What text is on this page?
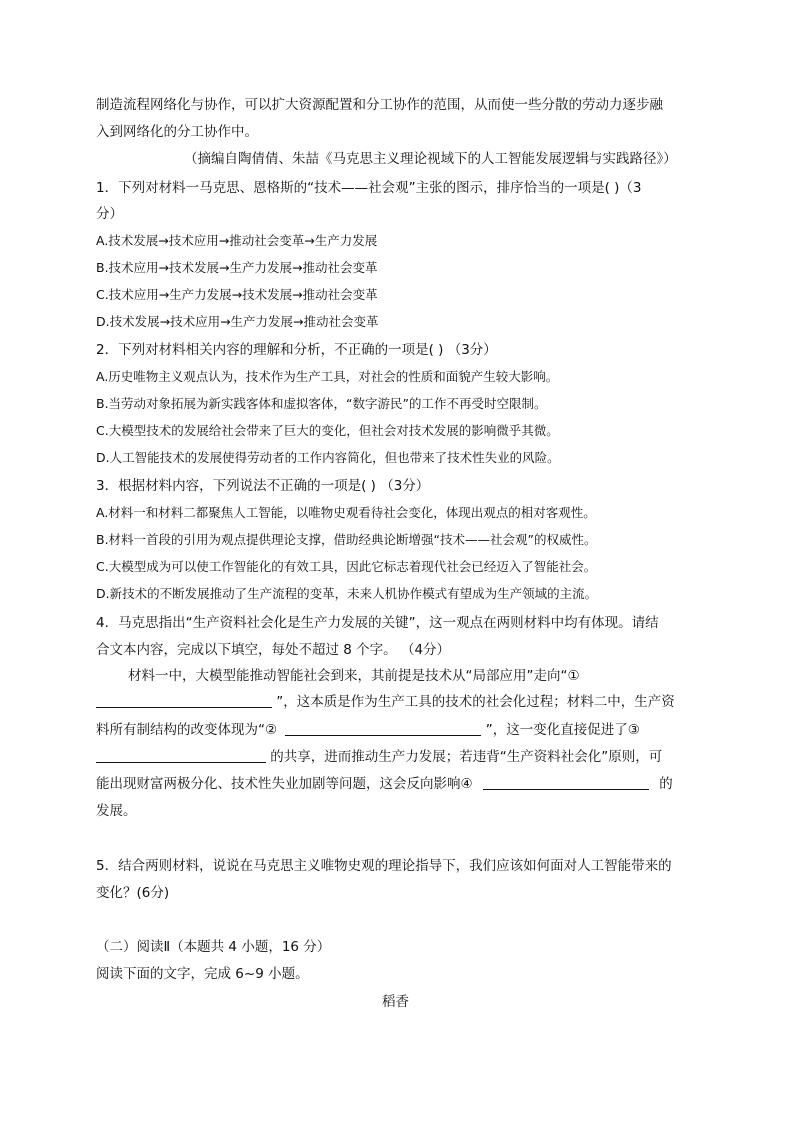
制造流程网络化与协作，可以扩大资源配置和分工协作的范围，从而使一些分散的劳动力逐步融
入到网络化的分工协作中。
（摘编自陶倩倩、朱喆《马克思主义理论视域下的人工智能发展逻辑与实践路径》）
1．下列对材料一马克思、恩格斯的“技术——社会观”主张的图示，排序恰当的一项是( )（3
分）
A.技术发展→技术应用→推动社会变革→生产力发展
B.技术应用→技术发展→生产力发展→推动社会变革
C.技术应用→生产力发展→技术发展→推动社会变革
D.技术发展→技术应用→生产力发展→推动社会变革
2．下列对材料相关内容的理解和分析，不正确的一项是( ) （3分）
A.历史唯物主义观点认为，技术作为生产工具，对社会的性质和面貌产生较大影响。
B.当劳动对象拓展为新实践客体和虚拟客体，“数字游民”的工作不再受时空限制。
C.大模型技术的发展给社会带来了巨大的变化，但社会对技术发展的影响微乎其微。
D.人工智能技术的发展使得劳动者的工作内容简化，但也带来了技术性失业的风险。
3．根据材料内容，下列说法不正确的一项是( ) （3分）
A.材料一和材料二都聚焦人工智能，以唯物史观看待社会变化，体现出观点的相对客观性。
B.材料一首段的引用为观点提供理论支撑，借助经典论断增强“技术——社会观”的权威性。
C.大模型成为可以使工作智能化的有效工具，因此它标志着现代社会已经迈入了智能社会。
D.新技术的不断发展推动了生产流程的变革，未来人机协作模式有望成为生产领域的主流。
4．马克思指出“生产资料社会化是生产力发展的关键”，这一观点在两则材料中均有体现。请结
合文本内容，完成以下填空，每处不超过 8 个字。 （4分）
材料一中，大模型能推动智能社会到来，其前提是技术从“局部应用”走向“①
”，这本质是作为生产工具的技术的社会化过程；材料二中，生产资
料所有制结构的改变体现为“②	”，这一变化直接促进了③
的共享，进而推动生产力发展；若违背“生产资料社会化”原则，可
能出现财富两极分化、技术性失业加剧等问题，这会反向影响④	的
发展。
5．结合两则材料，说说在马克思主义唯物史观的理论指导下，我们应该如何面对人工智能带来的
变化？(6分)
（二）阅读Ⅱ（本题共 4 小题，16 分）
阅读下面的文字，完成 6~9 小题。
稻香
